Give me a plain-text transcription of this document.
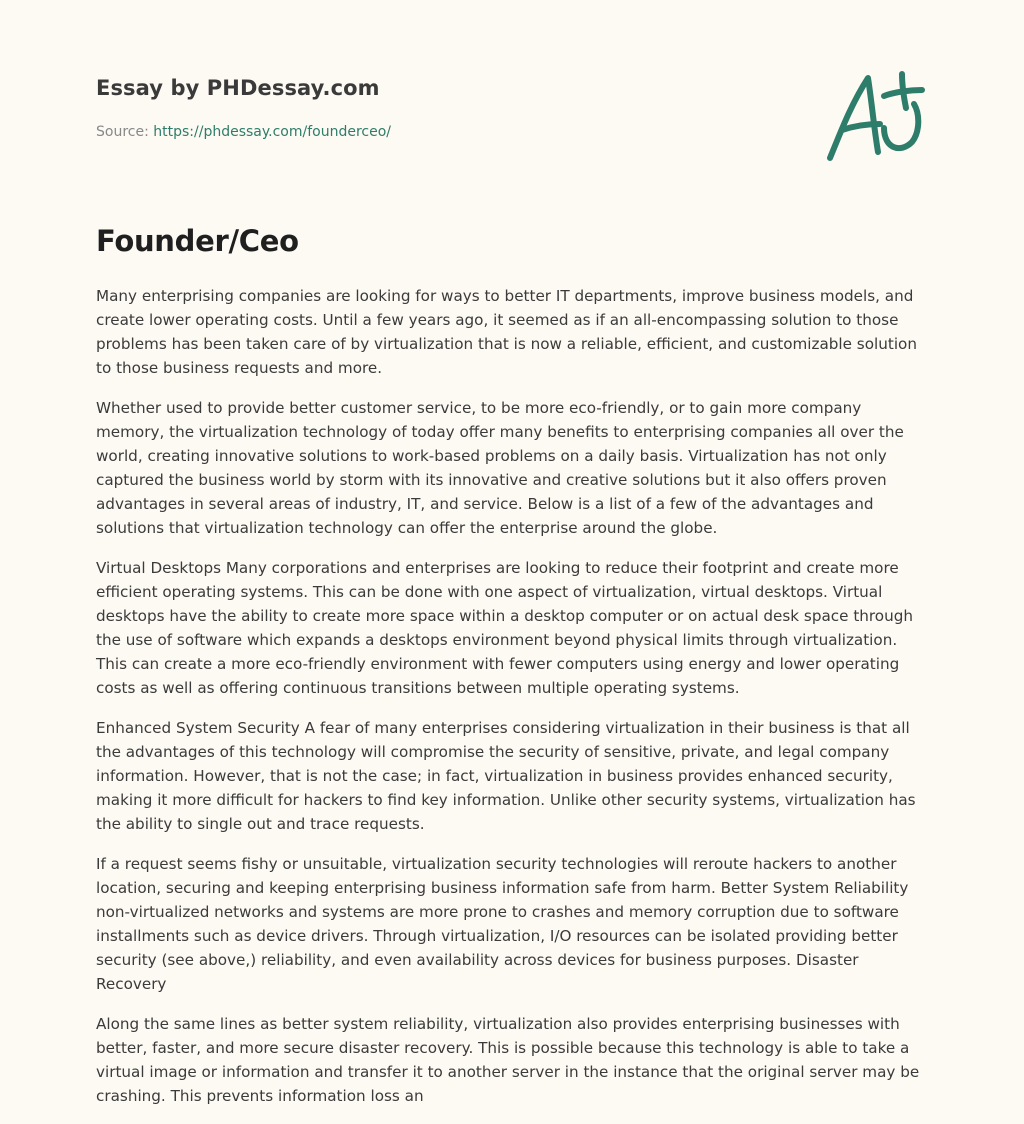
Essay by PHDessay.com
Source: https://phdessay.com/founderceo/
Founder/Ceo

Many enterprising companies are looking for ways to better IT departments, improve business models, and create lower operating costs. Until a few years ago, it seemed as if an all-encompassing solution to those problems has been taken care of by virtualization that is now a reliable, efficient, and customizable solution to those business requests and more.

Whether used to provide better customer service, to be more eco-friendly, or to gain more company memory, the virtualization technology of today offer many benefits to enterprising companies all over the world, creating innovative solutions to work-based problems on a daily basis. Virtualization has not only captured the business world by storm with its innovative and creative solutions but it also offers proven advantages in several areas of industry, IT, and service. Below is a list of a few of the advantages and solutions that virtualization technology can offer the enterprise around the globe.

Virtual Desktops Many corporations and enterprises are looking to reduce their footprint and create more efficient operating systems. This can be done with one aspect of virtualization, virtual desktops. Virtual desktops have the ability to create more space within a desktop computer or on actual desk space through the use of software which expands a desktops environment beyond physical limits through virtualization. This can create a more eco-friendly environment with fewer computers using energy and lower operating costs as well as offering continuous transitions between multiple operating systems.

Enhanced System Security A fear of many enterprises considering virtualization in their business is that all the advantages of this technology will compromise the security of sensitive, private, and legal company information. However, that is not the case; in fact, virtualization in business provides enhanced security, making it more difficult for hackers to find key information. Unlike other security systems, virtualization has the ability to single out and trace requests.

If a request seems fishy or unsuitable, virtualization security technologies will reroute hackers to another location, securing and keeping enterprising business information safe from harm. Better System Reliability non-virtualized networks and systems are more prone to crashes and memory corruption due to software installments such as device drivers. Through virtualization, I/O resources can be isolated providing better security (see above,) reliability, and even availability across devices for business purposes. Disaster Recovery

Along the same lines as better system reliability, virtualization also provides enterprising businesses with better, faster, and more secure disaster recovery. This is possible because this technology is able to take a virtual image or information and transfer it to another server in the instance that the original server may be crashing. This prevents information loss an
